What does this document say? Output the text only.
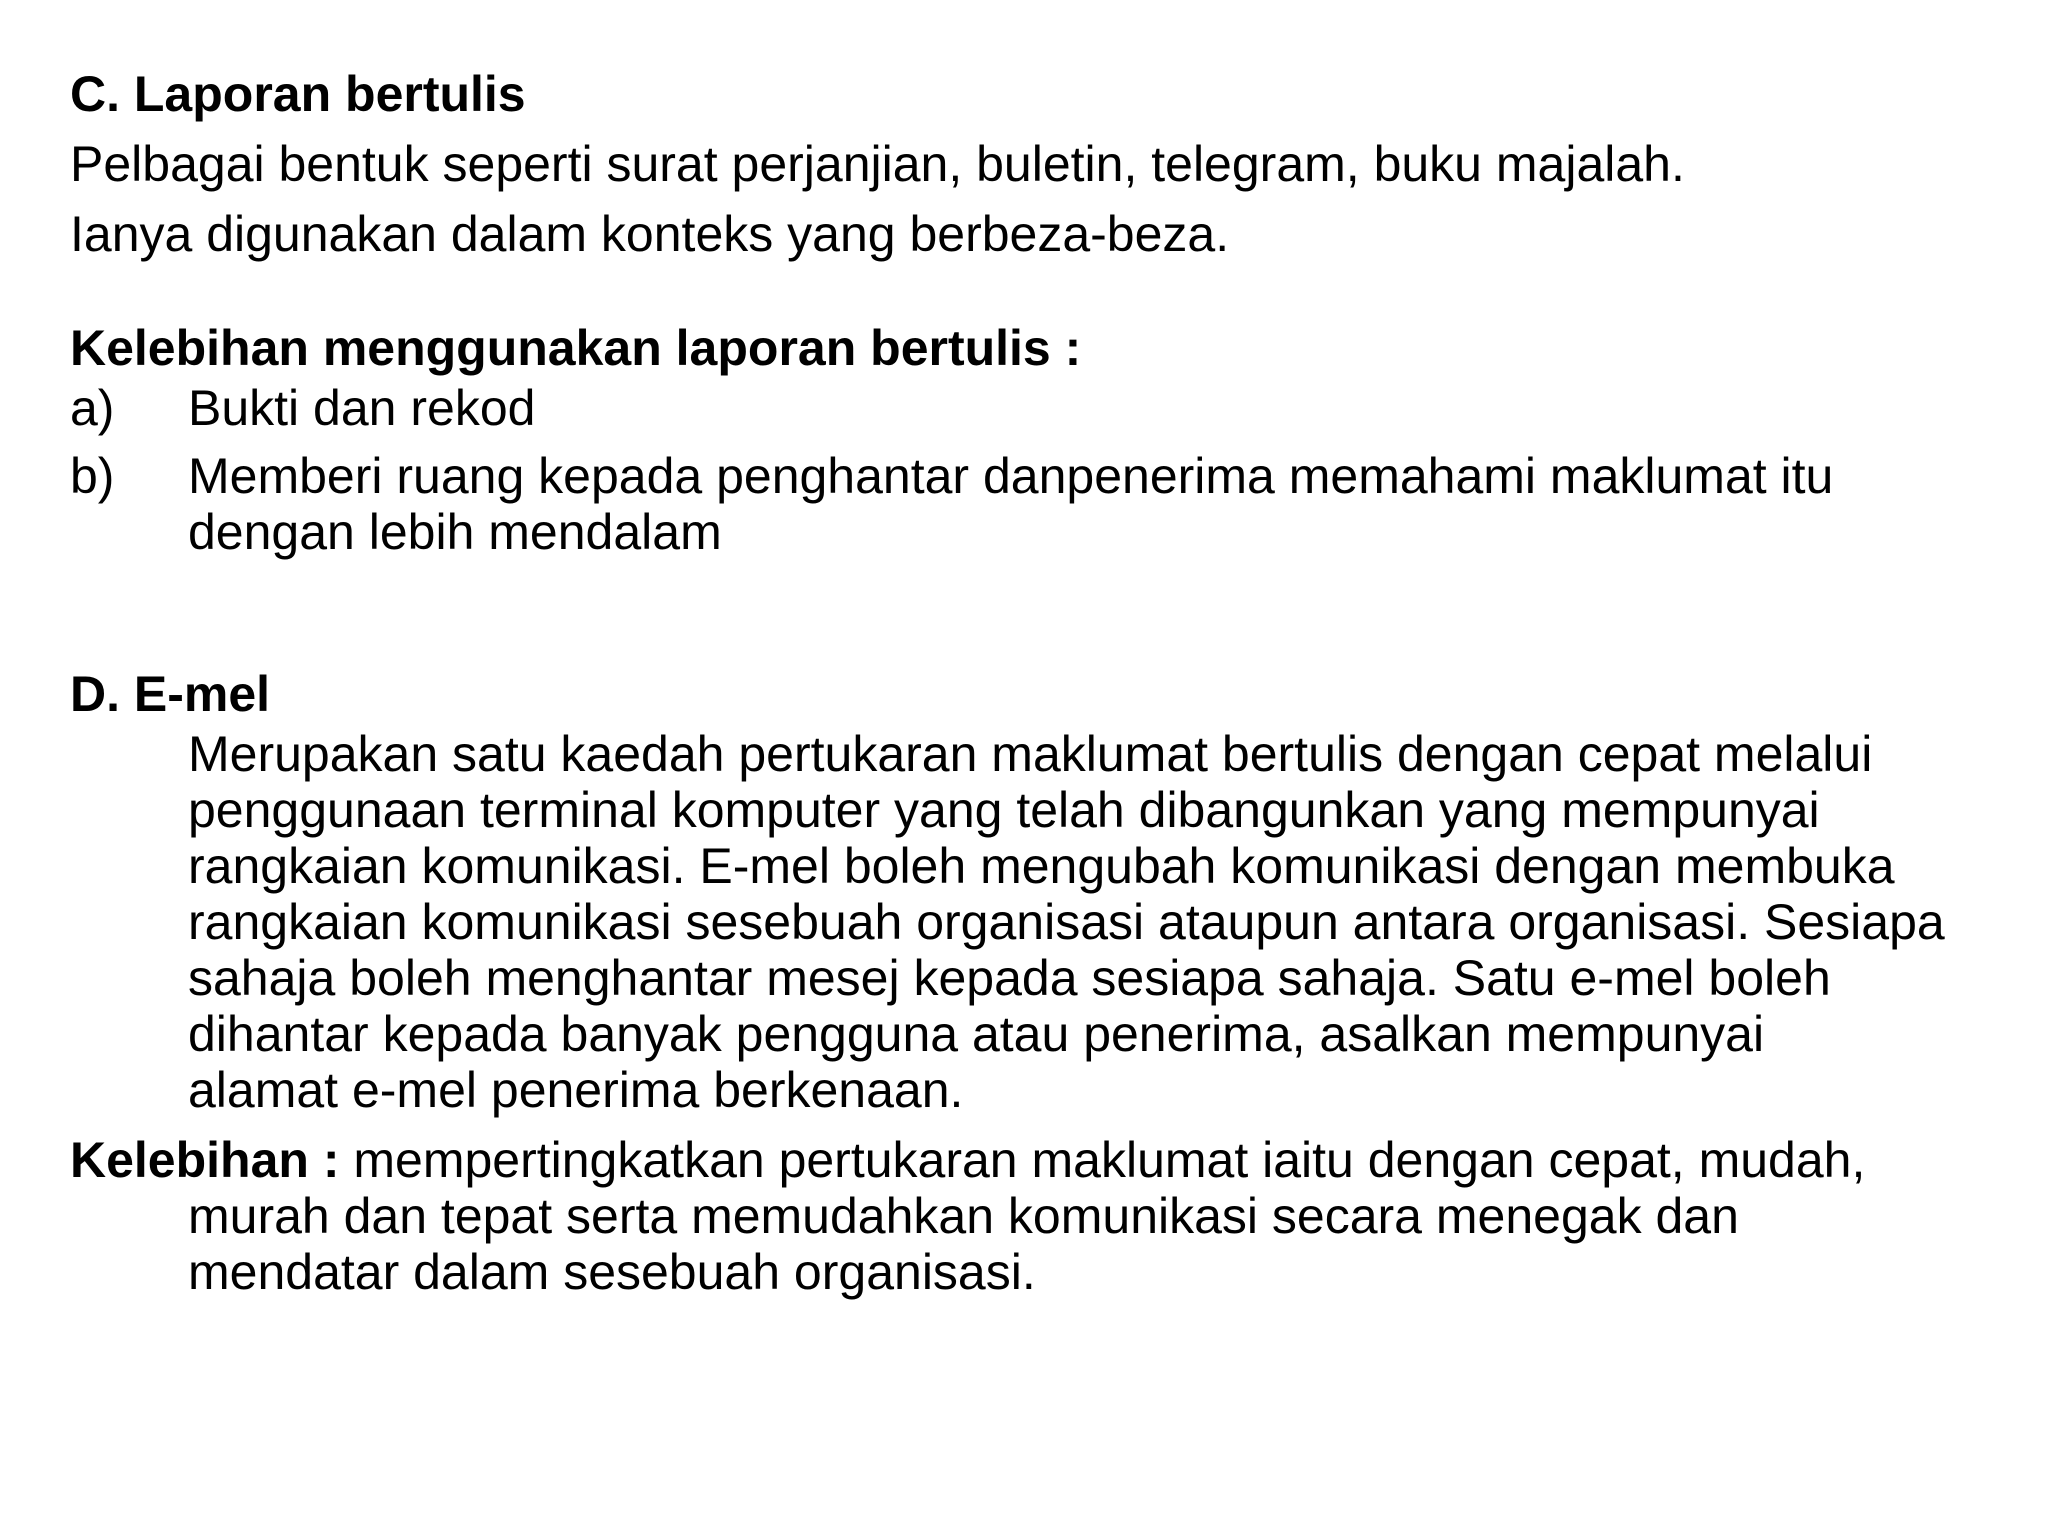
C. Laporan bertulis
Pelbagai bentuk seperti surat perjanjian, buletin, telegram, buku majalah.
Ianya digunakan dalam konteks yang berbeza-beza.
Kelebihan menggunakan laporan bertulis :
a)	Bukti dan rekod
b)	Memberi ruang kepada penghantar danpenerima memahami maklumat itu
dengan lebih mendalam
D. E-mel
Merupakan satu kaedah pertukaran maklumat bertulis dengan cepat melalui
penggunaan terminal komputer yang telah dibangunkan yang mempunyai
rangkaian komunikasi. E-mel boleh mengubah komunikasi dengan membuka
rangkaian komunikasi sesebuah organisasi ataupun antara organisasi. Sesiapa
sahaja boleh menghantar mesej kepada sesiapa sahaja. Satu e-mel boleh
dihantar kepada banyak pengguna atau penerima, asalkan mempunyai
alamat e-mel penerima berkenaan.
Kelebihan : mempertingkatkan pertukaran maklumat iaitu dengan cepat, mudah,
murah dan tepat serta memudahkan komunikasi secara menegak dan
mendatar dalam sesebuah organisasi.
